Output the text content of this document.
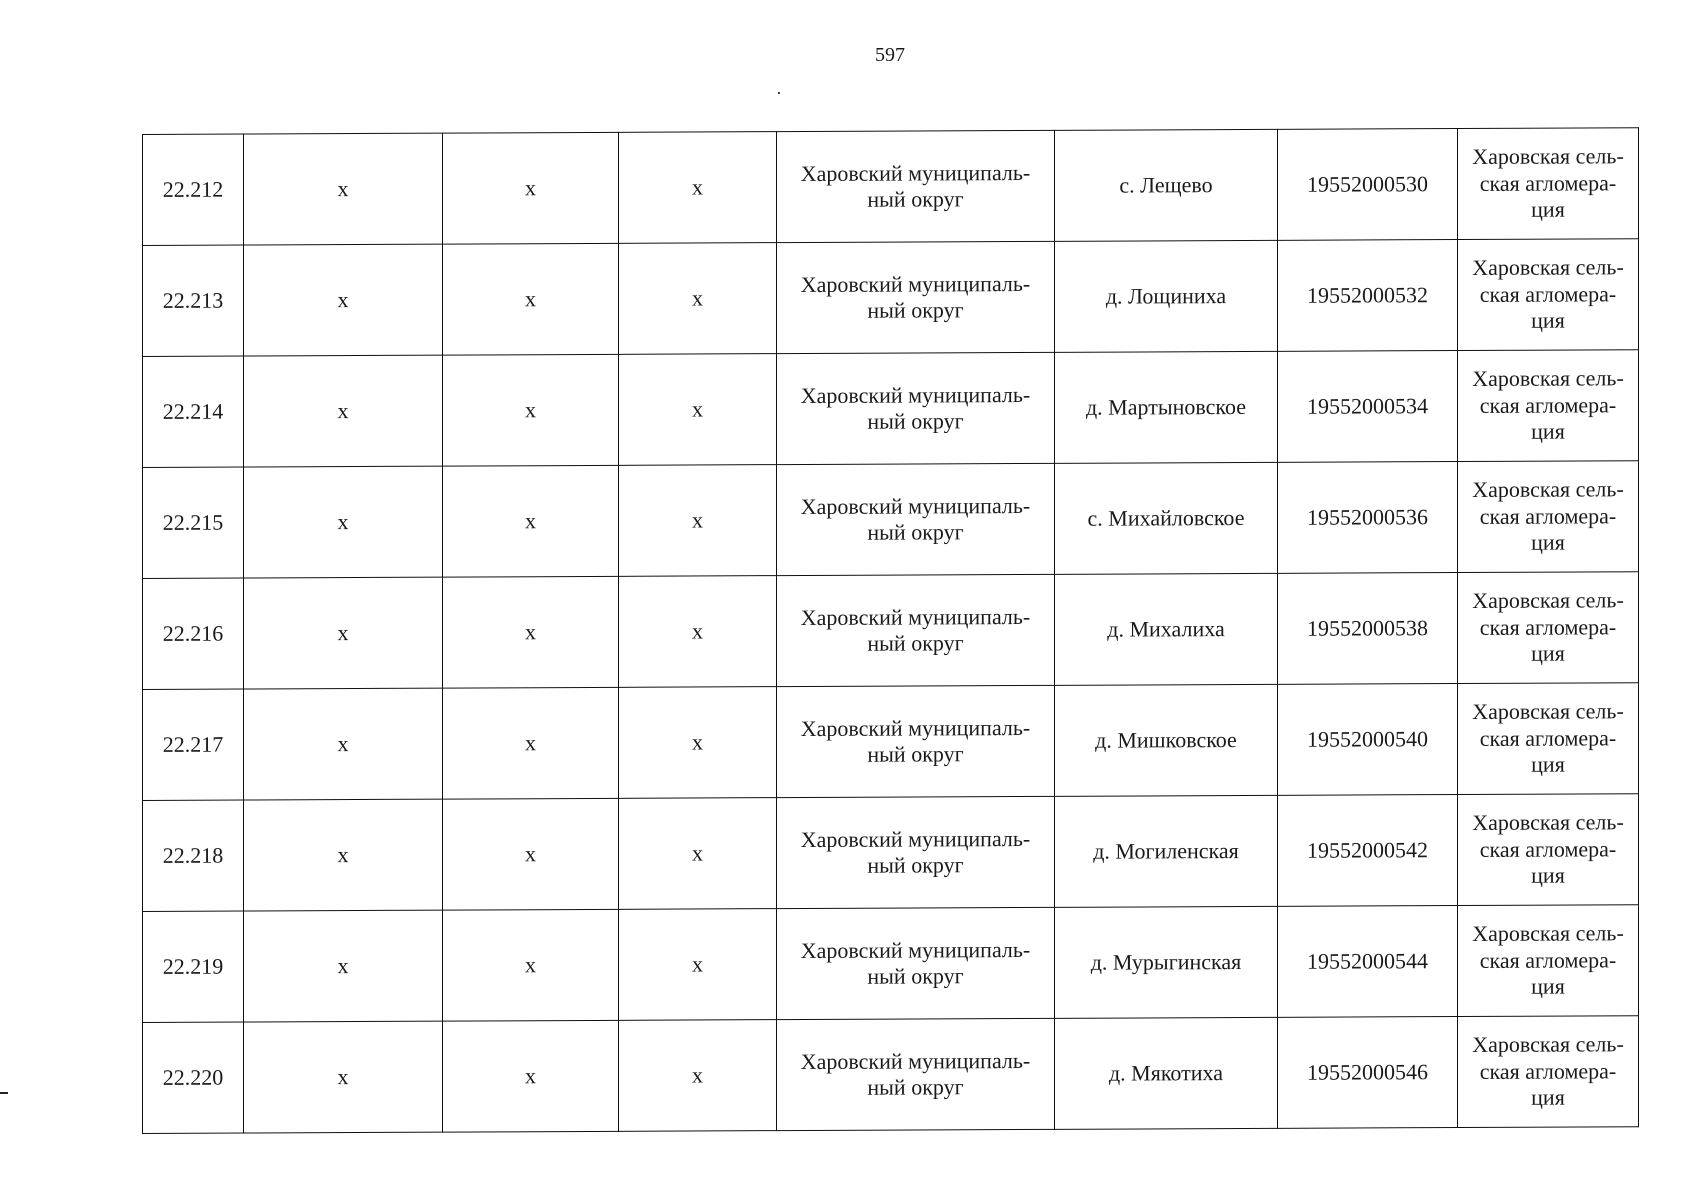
597
22.212	х	х	х	Харовский муниципаль-
ный округ	с. Лещево	19552000530	Харовская сель-
ская агломера-
ция

22.213	х	х	х	Харовский муниципаль-
ный округ	д. Лощиниха	19552000532	Харовская сель-
ская агломера-
ция

22.214	х	х	х	Харовский муниципаль-
ный округ	д. Мартыновское	19552000534	Харовская сель-
ская агломера-
ция

22.215	х	х	х	Харовский муниципаль-
ный округ	с. Михайловское	19552000536	Харовская сель-
ская агломера-
ция

22.216	х	х	х	Харовский муниципаль-
ный округ	д. Михалиха	19552000538	Харовская сель-
ская агломера-
ция

22.217	х	х	х	Харовский муниципаль-
ный округ	д. Мишковское	19552000540	Харовская сель-
ская агломера-
ция

22.218	х	х	х	Харовский муниципаль-
ный округ	д. Могиленская	19552000542	Харовская сель-
ская агломера-
ция

22.219	х	х	х	Харовский муниципаль-
ный округ	д. Мурыгинская	19552000544	Харовская сель-
ская агломера-
ция

22.220	х	х	х	Харовский муниципаль-
ный округ	д. Мякотиха	19552000546	Харовская сель-
ская агломера-
ция
